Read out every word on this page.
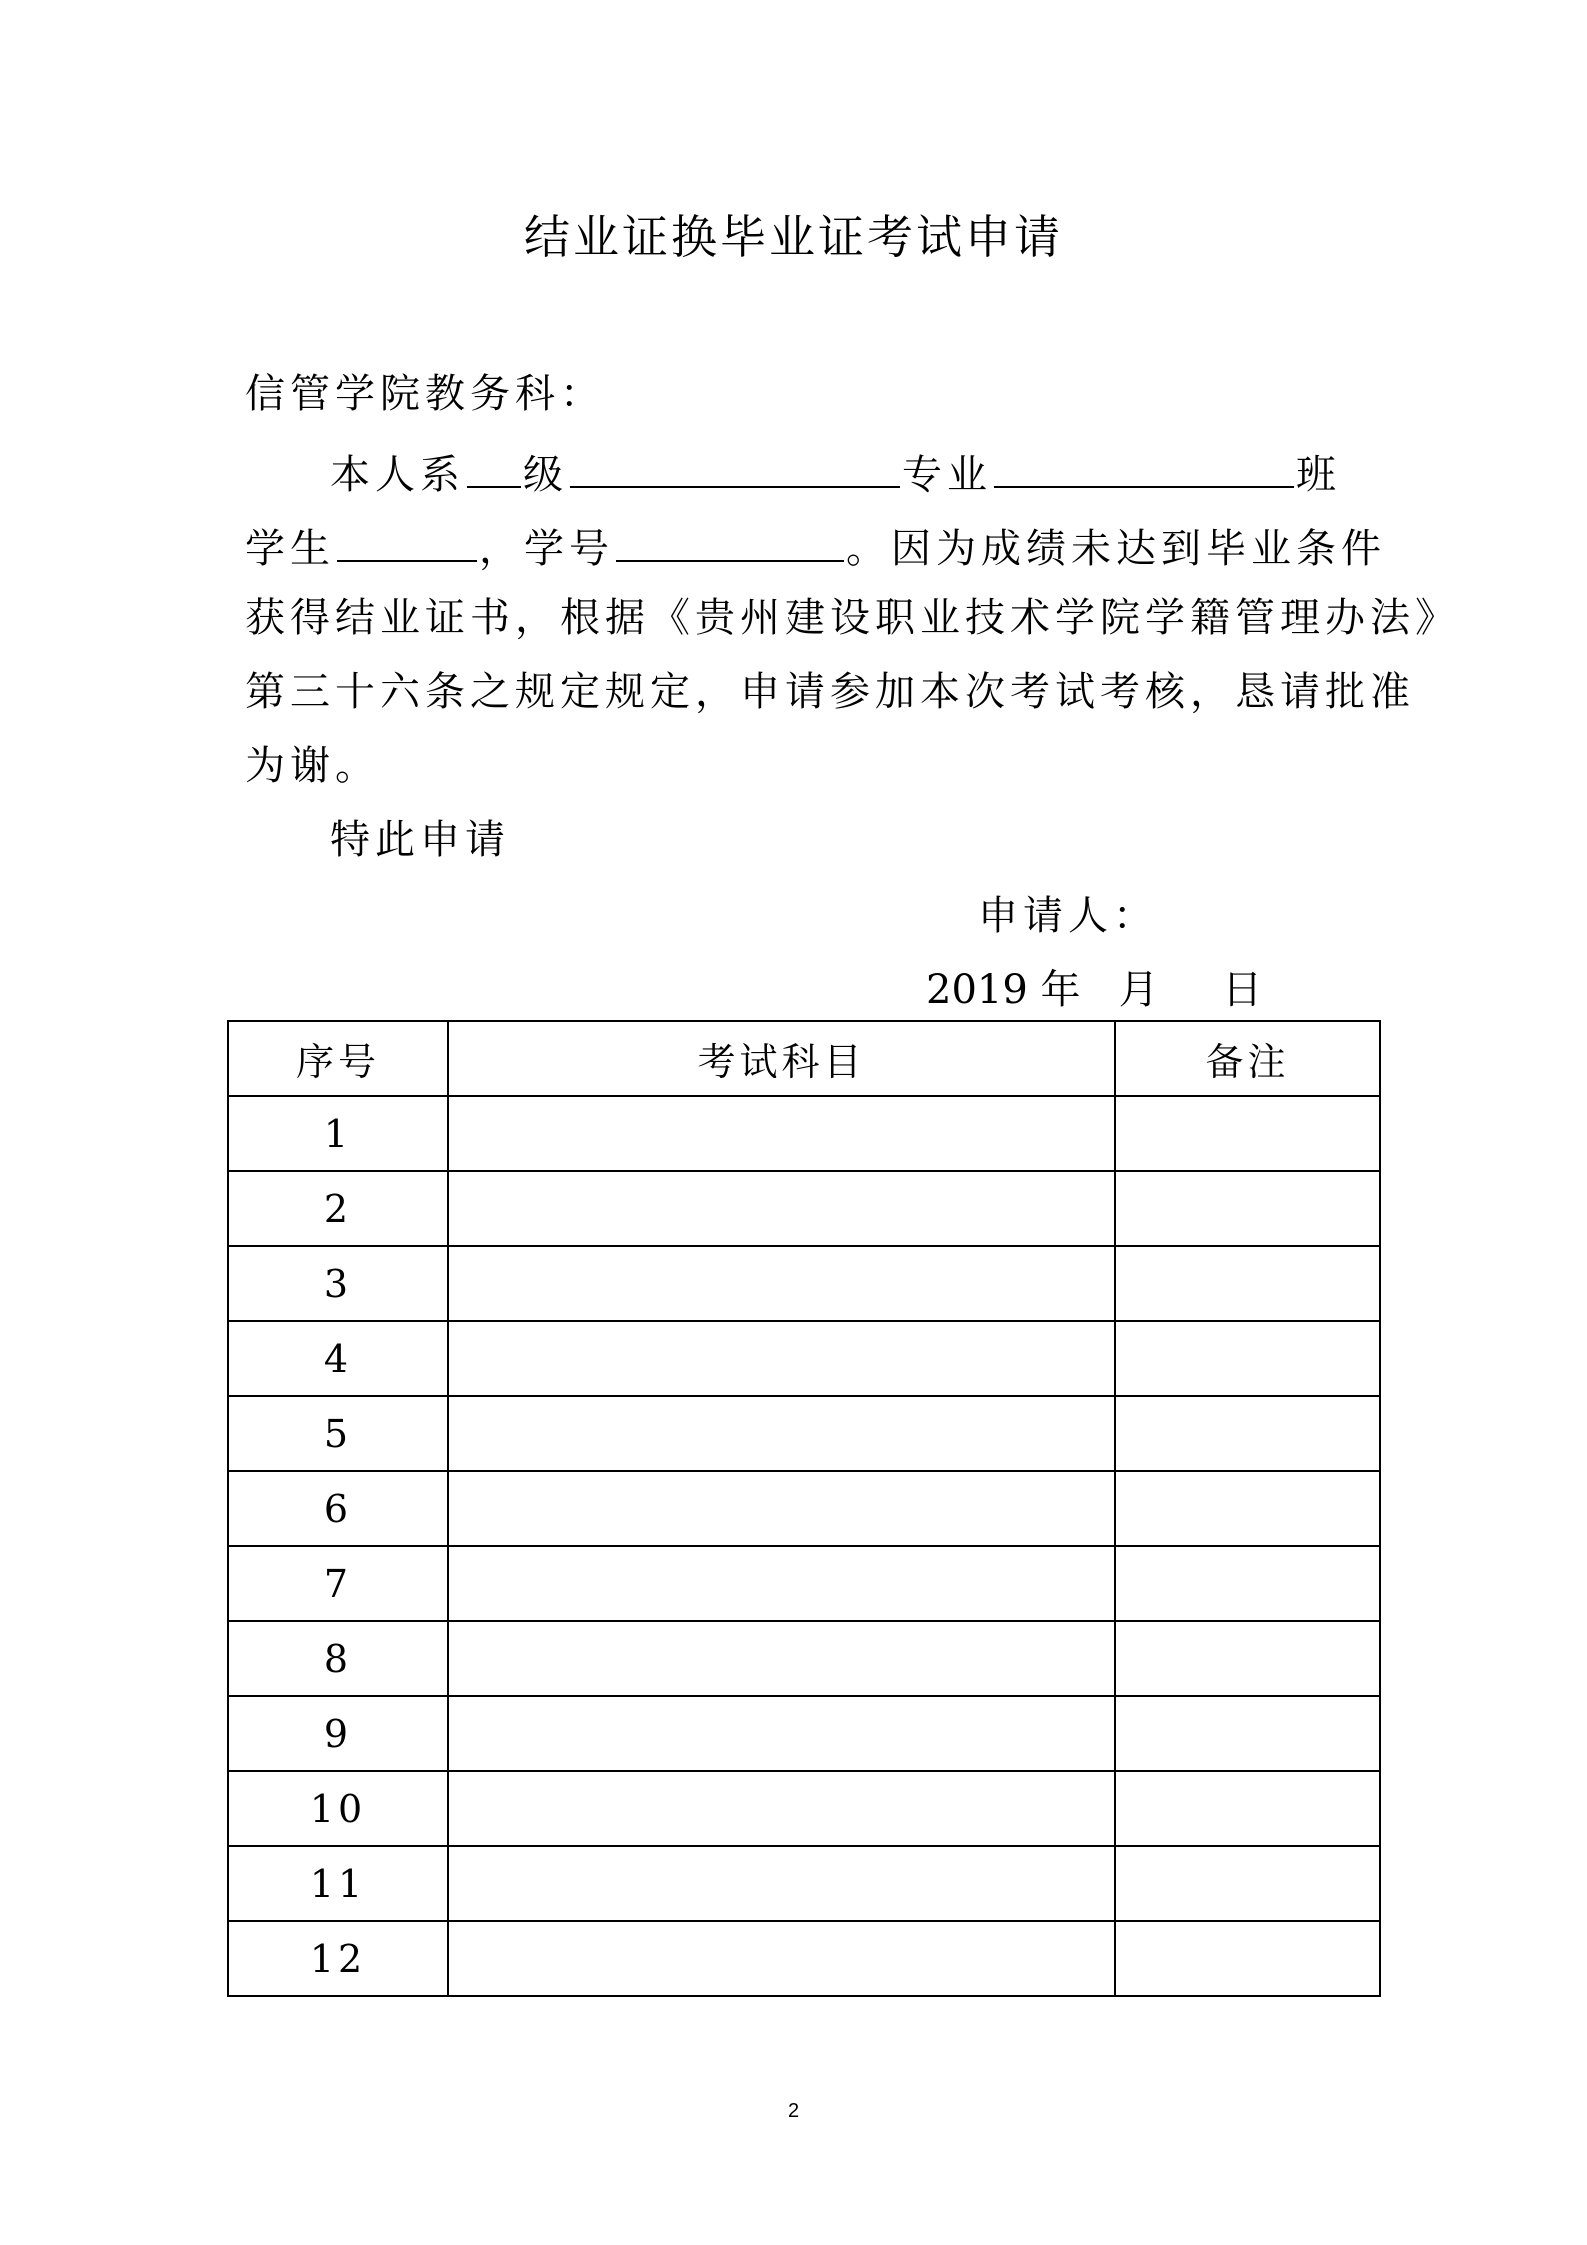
结业证换毕业证考试申请
信管学院教务科：
本人系 级	专业	班
学生	，学号	。因为成绩未达到毕业条件
获得结业证书，根据《贵州建设职业技术学院学籍管理办法》
第三十六条之规定规定，申请参加本次考试考核，恳请批准
为谢。
特此申请
申请人：
2019 年 月 日
序号	考试科目	备注
1		
2		
3		
4		
5		
6		
7		
8		
9		
10		
11		
12		
2
